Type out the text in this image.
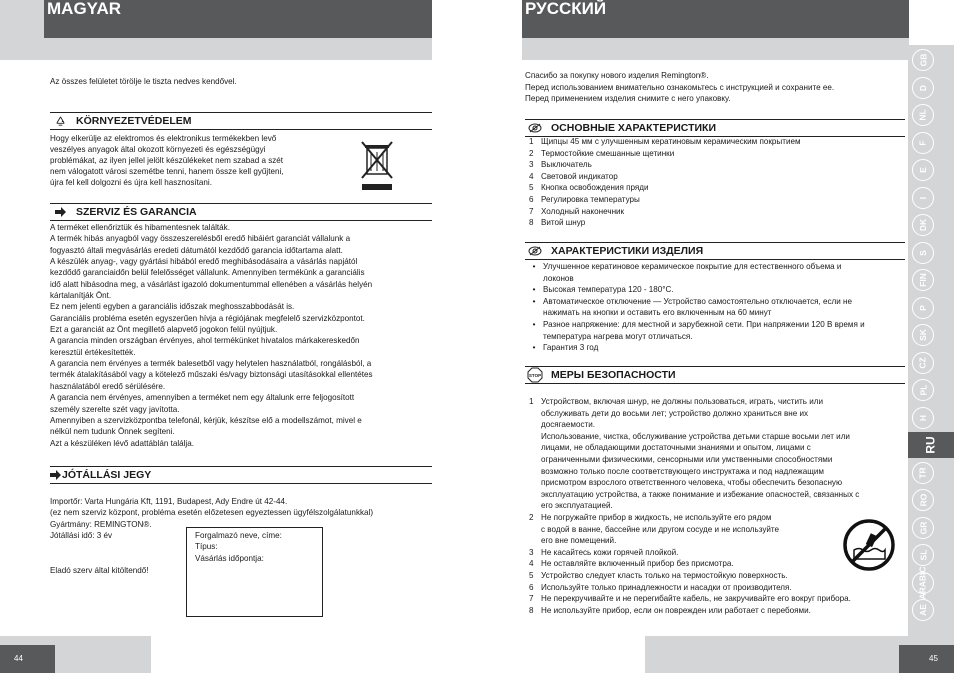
MAGYAR	РУССКИЙ

Az összes felületet törölje le tiszta nedves kendővel.

KÖRNYEZETVÉDELEM
Hogy elkerülje az elektromos és elektronikus termékekben levő
veszélyes anyagok által okozott környezeti és egészségügyi
problémákat, az ilyen jellel jelölt készülékeket nem szabad a szét
nem válogatott városi szemétbe tenni, hanem össze kell gyűjteni,
újra fel kell dolgozni és újra kell hasznosítani.
SZERVIZ ÉS GARANCIA
A terméket ellenőriztük és hibamentesnek találták.
A termék hibás anyagból vagy összeszerelésből eredő hibáiért garanciát vállalunk a
fogyasztó általi megvásárlás eredeti dátumától kezdődő garancia időtartama alatt.
A készülék anyag-, vagy gyártási hibából eredő meghibásodásaira a vásárlás napjától
kezdődő garanciaidőn belül felelősséget vállalunk. Amennyiben termékünk a garanciális
idő alatt hibásodna meg, a vásárlást igazoló dokumentummal ellenében a vásárlás helyén
kártalanítják Önt.
Ez nem jelenti egyben a garanciális időszak meghosszabbodását is.
Garanciális probléma esetén egyszerűen hívja a régiójának megfelelő szervizközpontot.
Ezt a garanciát az Önt megillető alapvető jogokon felül nyújtjuk.
A garancia minden országban érvényes, ahol termékünket hivatalos márkakereskedőn
keresztül értékesítették.
A garancia nem érvényes a termék balesetből vagy helytelen használatból, rongálásból, a
termék átalakításából vagy a kötelező műszaki és/vagy biztonsági utasításokkal ellentétes
használatából eredő sérülésére.
A garancia nem érvényes, amennyiben a terméket nem egy általunk erre feljogosított
személy szerelte szét vagy javította.
Amennyiben a szervizközpontba telefonál, kérjük, készítse elő a modellszámot, mivel e
nélkül nem tudunk Önnek segíteni.
Azt a készüléken lévő adattáblán találja.
JÓTÁLLÁSI JEGY
Importőr: Varta Hungária Kft, 1191, Budapest, Ady Endre út 42-44.
(ez nem szerviz központ, probléma esetén előzetesen egyeztessen ügyfélszolgálatunkkal)
Gyártmány: REMINGTON®.
Jótállási idő: 3 év
Eladó szerv által kitöltendő!
Forgalmazó neve, címe:
Típus:
Vásárlás időpontja:
Спасибо за покупку нового изделия Remington®.
Перед использованием внимательно ознакомьтесь с инструкцией и сохраните ее.
Перед применением изделия снимите с него упаковку.
ОСНОВНЫЕ ХАРАКТЕРИСТИКИ
1 Щипцы 45 мм с улучшенным кератиновым керамическим покрытием
2 Термостойкие смешанные щетинки
3 Выключатель
4 Световой индикатор
5 Кнопка освобождения пряди
6 Регулировка температуры
7 Холодный наконечник
8 Витой шнур
ХАРАКТЕРИСТИКИ ИЗДЕЛИЯ
• Улучшенное кератиновое керамическое покрытие для естественного объема и
локонов
• Высокая температура 120 - 180°C.
• Автоматическое отключение — Устройство самостоятельно отключается, если не
нажимать на кнопки и оставить его включенным на 60 минут
• Разное напряжение: для местной и зарубежной сети. При напряжении 120 В время и
температура нагрева могут отличаться.
• Гарантия 3 год
STOP МЕРЫ БЕЗОПАСНОСТИ
1 Устройством, включая шнур, не должны пользоваться, играть, чистить или
обслуживать дети до восьми лет; устройство должно храниться вне их
досягаемости.
Использование, чистка, обслуживание устройства детьми старше восьми лет или
лицами, не обладающими достаточными знаниями и опытом, лицами с
ограниченными физическими, сенсорными или умственными способностями
возможно только после соответствующего инструктажа и под надлежащим
присмотром взрослого ответственного человека, чтобы обеспечить безопасную
эксплуатацию устройства, а также понимание и избежание опасностей, связанных с
его эксплуатацией.
2 Не погружайте прибор в жидкость, не используйте его рядом
с водой в ванне, бассейне или другом сосуде и не используйте
его вне помещений.
3 Не касайтесь кожи горячей плойкой.
4 Не оставляйте включенный прибор без присмотра.
5 Устройство следует класть только на термостойкую поверхность.
6 Используйте только принадлежности и насадки от производителя.
7 Не перекручивайте и не перегибайте кабель, не закручивайте его вокруг прибора.
8 Не используйте прибор, если он поврежден или работает с перебоями.
GB
D
NL
F
E
I
DK
S
FIN
P
SK
CZ
PL
H
RU
TR
RO
GR
SL
ARABIC
AE
44	45
